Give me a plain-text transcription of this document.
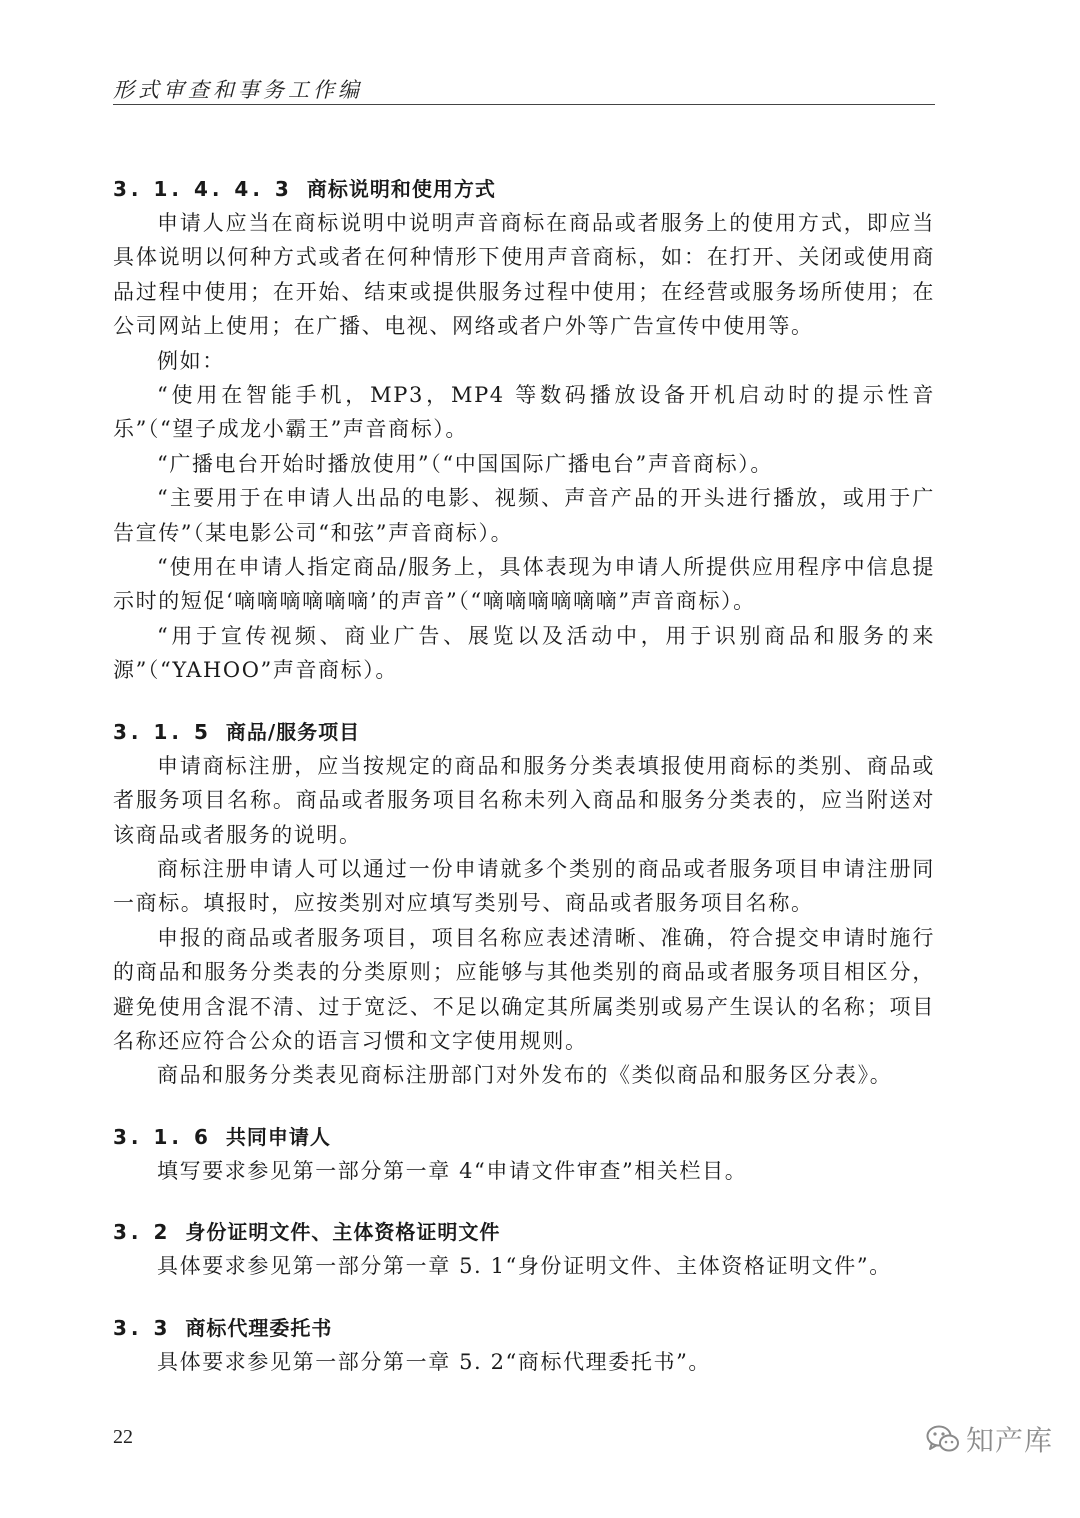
形式审查和事务工作编
3. 1. 4. 4. 3 商标说明和使用方式

申请人应当在商标说明中说明声音商标在商品或者服务上的使用方式，即应当具体说明以何种方式或者在何种情形下使用声音商标，如：在打开、关闭或使用商品过程中使用；在开始、结束或提供服务过程中使用；在经营或服务场所使用；在公司网站上使用；在广播、电视、网络或者户外等广告宣传中使用等。

例如：

“使用在智能手机，MP3，MP4 等数码播放设备开机启动时的提示性音乐”（“望子成龙小霸王”声音商标）。

“广播电台开始时播放使用”（“中国国际广播电台”声音商标）。

“主要用于在申请人出品的电影、视频、声音产品的开头进行播放，或用于广告宣传”（某电影公司“和弦”声音商标）。

“使用在申请人指定商品/服务上，具体表现为申请人所提供应用程序中信息提示时的短促‘嘀嘀嘀嘀嘀嘀’的声音”（“嘀嘀嘀嘀嘀嘀”声音商标）。

“用于宣传视频、商业广告、展览以及活动中，用于识别商品和服务的来源”（“YAHOO”声音商标）。

3. 1. 5 商品/服务项目

申请商标注册，应当按规定的商品和服务分类表填报使用商标的类别、商品或者服务项目名称。商品或者服务项目名称未列入商品和服务分类表的，应当附送对该商品或者服务的说明。

商标注册申请人可以通过一份申请就多个类别的商品或者服务项目申请注册同一商标。填报时，应按类别对应填写类别号、商品或者服务项目名称。

申报的商品或者服务项目，项目名称应表述清晰、准确，符合提交申请时施行的商品和服务分类表的分类原则；应能够与其他类别的商品或者服务项目相区分，避免使用含混不清、过于宽泛、不足以确定其所属类别或易产生误认的名称；项目名称还应符合公众的语言习惯和文字使用规则。

商品和服务分类表见商标注册部门对外发布的《类似商品和服务区分表》。

3. 1. 6 共同申请人

填写要求参见第一部分第一章 4“申请文件审查”相关栏目。

3. 2 身份证明文件、主体资格证明文件

具体要求参见第一部分第一章 5. 1“身份证明文件、主体资格证明文件”。

3. 3 商标代理委托书

具体要求参见第一部分第一章 5. 2“商标代理委托书”。

22	知产库
